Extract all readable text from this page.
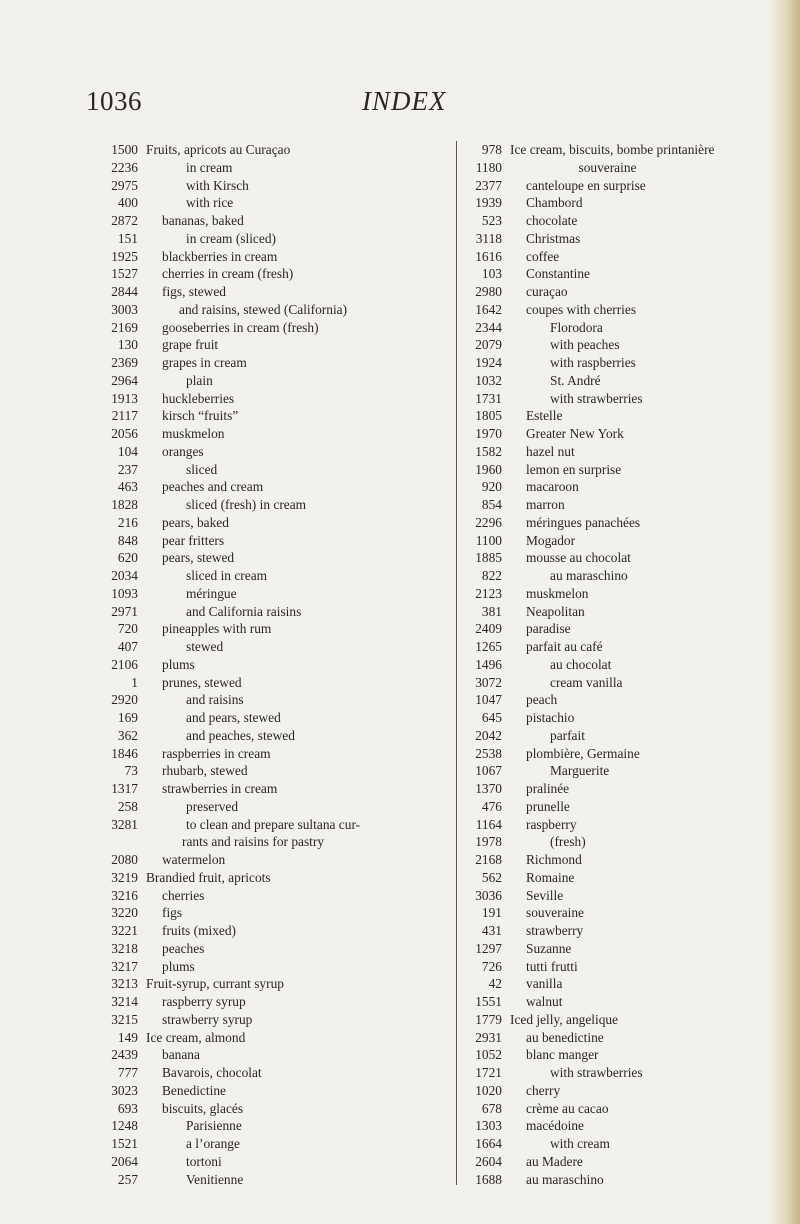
1036	INDEX
1500 Fruits, apricots au Curaçao
2236	in cream
2975	with Kirsch
400	with rice
2872	bananas, baked
151	in cream (sliced)
1925	blackberries in cream
1527	cherries in cream (fresh)
2844	figs, stewed
3003	and raisins, stewed (California)
2169	gooseberries in cream (fresh)
130	grape fruit
2369	grapes in cream
2964	plain
1913	huckleberries
2117	kirsch “fruits”
2056	muskmelon
104	oranges
237	sliced
463	peaches and cream
1828	sliced (fresh) in cream
216	pears, baked
848	pear fritters
620	pears, stewed
2034	sliced in cream
1093	méringue
2971	and California raisins
720	pineapples with rum
407	stewed
2106	plums
1	prunes, stewed
2920	and raisins
169	and pears, stewed
362	and peaches, stewed
1846	raspberries in cream
73	rhubarb, stewed
1317	strawberries in cream
258	preserved
3281	to clean and prepare sultana cur-
rants and raisins for pastry
2080	watermelon
3219 Brandied fruit, apricots
3216	cherries
3220	figs
3221	fruits (mixed)
3218	peaches
3217	plums
3213 Fruit-syrup, currant syrup
3214	raspberry syrup
3215	strawberry syrup
149 Ice cream, almond
2439	banana
777	Bavarois, chocolat
3023	Benedictine
693	biscuits, glacés
1248	Parisienne
1521	a l’orange
2064	tortoni
257	Venitienne
978 Ice cream, biscuits, bombe printanière
1180	souveraine
2377	canteloupe en surprise
1939	Chambord
523	chocolate
3118	Christmas
1616	coffee
103	Constantine
2980	curaçao
1642	coupes with cherries
2344	Florodora
2079	with peaches
1924	with raspberries
1032	St. André
1731	with strawberries
1805	Estelle
1970	Greater New York
1582	hazel nut
1960	lemon en surprise
920	macaroon
854	marron
2296	méringues panachées
1100	Mogador
1885	mousse au chocolat
822	au maraschino
2123	muskmelon
381	Neapolitan
2409	paradise
1265	parfait au café
1496	au chocolat
3072	cream vanilla
1047	peach
645	pistachio
2042	parfait
2538	plombière, Germaine
1067	Marguerite
1370	pralinée
476	prunelle
1164	raspberry
1978	(fresh)
2168	Richmond
562	Romaine
3036	Seville
191	souveraine
431	strawberry
1297	Suzanne
726	tutti frutti
42	vanilla
1551	walnut
1779 Iced jelly, angelique
2931	au benedictine
1052	blanc manger
1721	with strawberries
1020	cherry
678	crème au cacao
1303	macédoine
1664	with cream
2604	au Madere
1688	au maraschino
